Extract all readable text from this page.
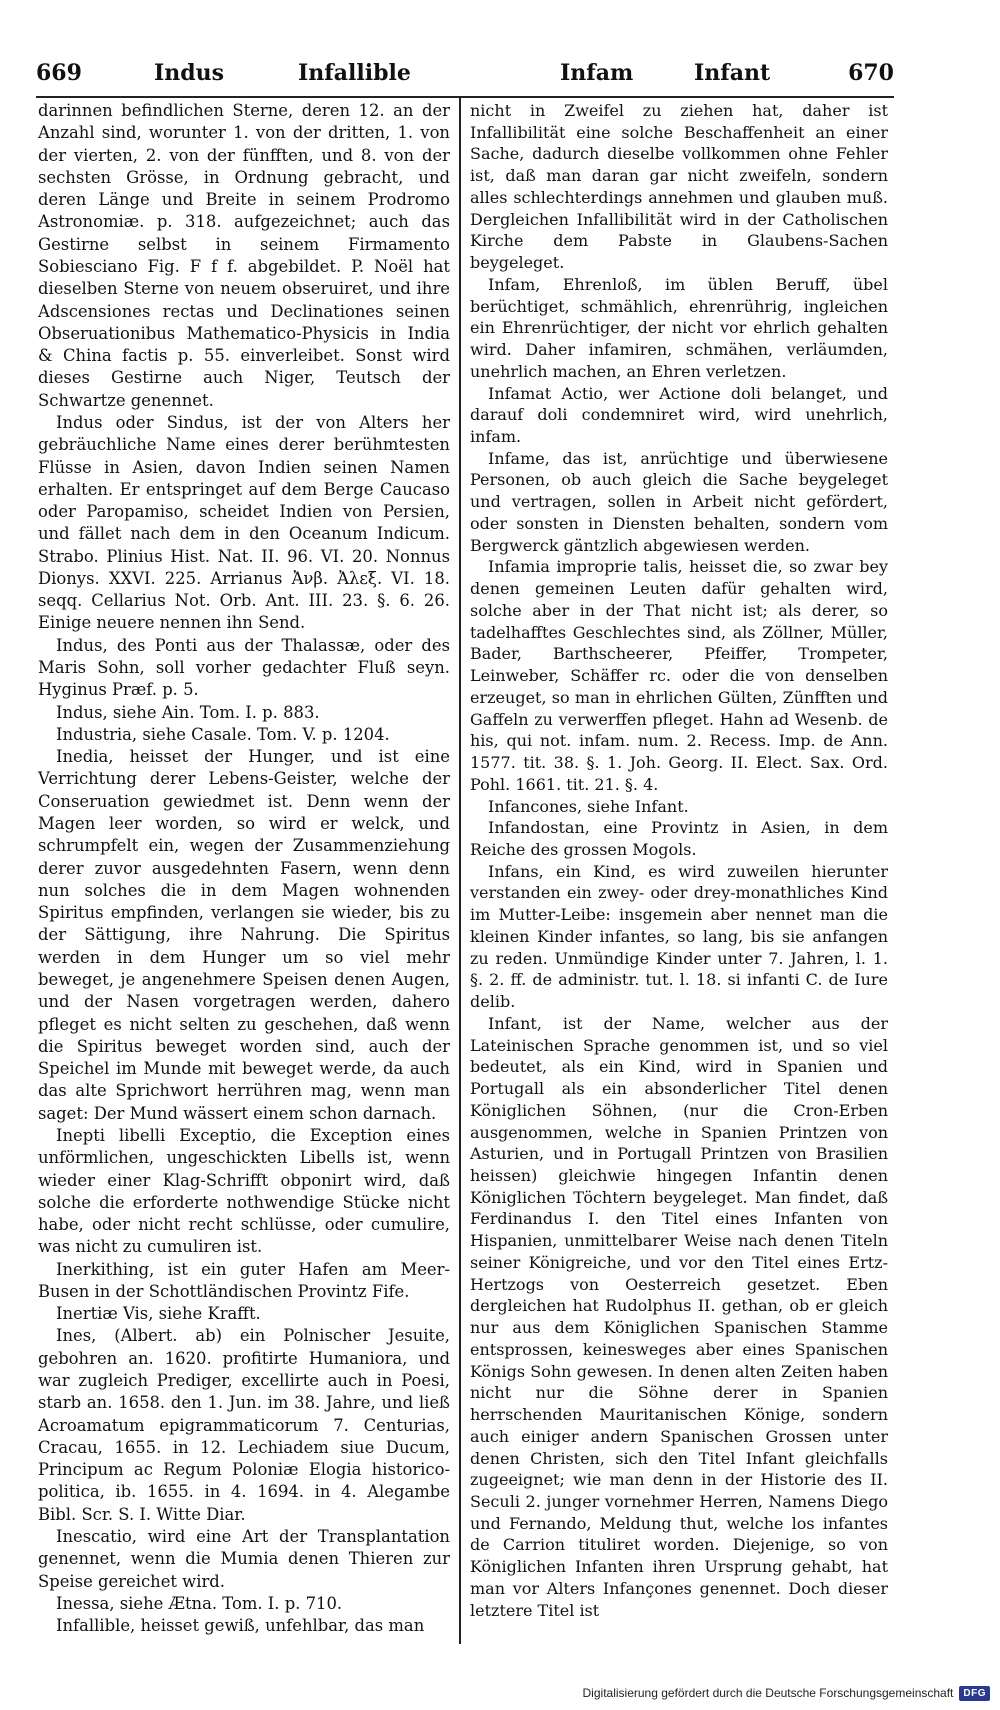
669	Indus	Infallible	Infam	Infant	670

darinnen befindlichen Sterne, deren 12. an der Anzahl sind, worunter 1. von der dritten, 1. von der vierten, 2. von der fünfften, und 8. von der sechsten Grösse, in Ordnung gebracht, und deren Länge und Breite in seinem Prodromo Astronomiæ. p. 318. aufgezeichnet; auch das Gestirne selbst in seinem Firmamento Sobiesciano Fig. F f f. abgebildet. P. Noël hat dieselben Sterne von neuem obseruiret, und ihre Adscensiones rectas und Declinationes seinen Obseruationibus Mathematico-Physicis in India & China factis p. 55. einverleibet. Sonst wird dieses Gestirne auch Niger, Teutsch der Schwartze genennet.

Indus oder Sindus, ist der von Alters her gebräuchliche Name eines derer berühmtesten Flüsse in Asien, davon Indien seinen Namen erhalten. Er entspringet auf dem Berge Caucaso oder Paropamiso, scheidet Indien von Persien, und fället nach dem in den Oceanum Indicum. Strabo. Plinius Hist. Nat. II. 96. VI. 20. Nonnus Dionys. XXVI. 225. Arrianus Ἀνβ. Ἀλεξ. VI. 18. seqq. Cellarius Not. Orb. Ant. III. 23. §. 6. 26. Einige neuere nennen ihn Send.

Indus, des Ponti aus der Thalassæ, oder des Maris Sohn, soll vorher gedachter Fluß seyn. Hyginus Præf. p. 5.

Indus, siehe Ain. Tom. I. p. 883.

Industria, siehe Casale. Tom. V. p. 1204.

Inedia, heisset der Hunger, und ist eine Verrichtung derer Lebens-Geister, welche der Conseruation gewiedmet ist. Denn wenn der Magen leer worden, so wird er welck, und schrumpfelt ein, wegen der Zusammenziehung derer zuvor ausgedehnten Fasern, wenn denn nun solches die in dem Magen wohnenden Spiritus empfinden, verlangen sie wieder, bis zu der Sättigung, ihre Nahrung. Die Spiritus werden in dem Hunger um so viel mehr beweget, je angenehmere Speisen denen Augen, und der Nasen vorgetragen werden, dahero pfleget es nicht selten zu geschehen, daß wenn die Spiritus beweget worden sind, auch der Speichel im Munde mit beweget werde, da auch das alte Sprichwort herrühren mag, wenn man saget: Der Mund wässert einem schon darnach.

Inepti libelli Exceptio, die Exception eines unförmlichen, ungeschickten Libells ist, wenn wieder einer Klag-Schrifft obponirt wird, daß solche die erforderte nothwendige Stücke nicht habe, oder nicht recht schlüsse, oder cumulire, was nicht zu cumuliren ist.

Inerkithing, ist ein guter Hafen am Meer-Busen in der Schottländischen Provintz Fife.

Inertiæ Vis, siehe Krafft.

Ines, (Albert. ab) ein Polnischer Jesuite, gebohren an. 1620. profitirte Humaniora, und war zugleich Prediger, excellirte auch in Poesi, starb an. 1658. den 1. Jun. im 38. Jahre, und ließ Acroamatum epigrammaticorum 7. Centurias, Cracau, 1655. in 12. Lechiadem siue Ducum, Principum ac Regum Poloniæ Elogia historico-politica, ib. 1655. in 4. 1694. in 4. Alegambe Bibl. Scr. S. I. Witte Diar.

Inescatio, wird eine Art der Transplantation genennet, wenn die Mumia denen Thieren zur Speise gereichet wird.

Inessa, siehe Ætna. Tom. I. p. 710.

Infallible, heisset gewiß, unfehlbar, das man

nicht in Zweifel zu ziehen hat, daher ist Infallibilität eine solche Beschaffenheit an einer Sache, dadurch dieselbe vollkommen ohne Fehler ist, daß man daran gar nicht zweifeln, sondern alles schlechterdings annehmen und glauben muß. Dergleichen Infallibilität wird in der Catholischen Kirche dem Pabste in Glaubens-Sachen beygeleget.

Infam, Ehrenloß, im üblen Beruff, übel berüchtiget, schmählich, ehrenrührig, ingleichen ein Ehrenrüchtiger, der nicht vor ehrlich gehalten wird. Daher infamiren, schmähen, verläumden, unehrlich machen, an Ehren verletzen.

Infamat Actio, wer Actione doli belanget, und darauf doli condemniret wird, wird unehrlich, infam.

Infame, das ist, anrüchtige und überwiesene Personen, ob auch gleich die Sache beygeleget und vertragen, sollen in Arbeit nicht gefördert, oder sonsten in Diensten behalten, sondern vom Bergwerck gäntzlich abgewiesen werden.

Infamia improprie talis, heisset die, so zwar bey denen gemeinen Leuten dafür gehalten wird, solche aber in der That nicht ist; als derer, so tadelhafftes Geschlechtes sind, als Zöllner, Müller, Bader, Barthscheerer, Pfeiffer, Trompeter, Leinweber, Schäffer rc. oder die von denselben erzeuget, so man in ehrlichen Gülten, Zünfften und Gaffeln zu verwerffen pfleget. Hahn ad Wesenb. de his, qui not. infam. num. 2. Recess. Imp. de Ann. 1577. tit. 38. §. 1. Joh. Georg. II. Elect. Sax. Ord. Pohl. 1661. tit. 21. §. 4.

Infancones, siehe Infant.

Infandostan, eine Provintz in Asien, in dem Reiche des grossen Mogols.

Infans, ein Kind, es wird zuweilen hierunter verstanden ein zwey- oder drey-monathliches Kind im Mutter-Leibe: insgemein aber nennet man die kleinen Kinder infantes, so lang, bis sie anfangen zu reden. Unmündige Kinder unter 7. Jahren, l. 1. §. 2. ff. de administr. tut. l. 18. si infanti C. de Iure delib.

Infant, ist der Name, welcher aus der Lateinischen Sprache genommen ist, und so viel bedeutet, als ein Kind, wird in Spanien und Portugall als ein absonderlicher Titel denen Königlichen Söhnen, (nur die Cron-Erben ausgenommen, welche in Spanien Printzen von Asturien, und in Portugall Printzen von Brasilien heissen) gleichwie hingegen Infantin denen Königlichen Töchtern beygeleget. Man findet, daß Ferdinandus I. den Titel eines Infanten von Hispanien, unmittelbarer Weise nach denen Titeln seiner Königreiche, und vor den Titel eines Ertz-Hertzogs von Oesterreich gesetzet. Eben dergleichen hat Rudolphus II. gethan, ob er gleich nur aus dem Königlichen Spanischen Stamme entsprossen, keinesweges aber eines Spanischen Königs Sohn gewesen. In denen alten Zeiten haben nicht nur die Söhne derer in Spanien herrschenden Mauritanischen Könige, sondern auch einiger andern Spanischen Grossen unter denen Christen, sich den Titel Infant gleichfalls zugeeignet; wie man denn in der Historie des II. Seculi 2. junger vornehmer Herren, Namens Diego und Fernando, Meldung thut, welche los infantes de Carrion tituliret worden. Diejenige, so von Königlichen Infanten ihren Ursprung gehabt, hat man vor Alters Infançones genennet. Doch dieser letztere Titel ist

Digitalisierung gefördert durch die Deutsche Forschungsgemeinschaft	DFG
